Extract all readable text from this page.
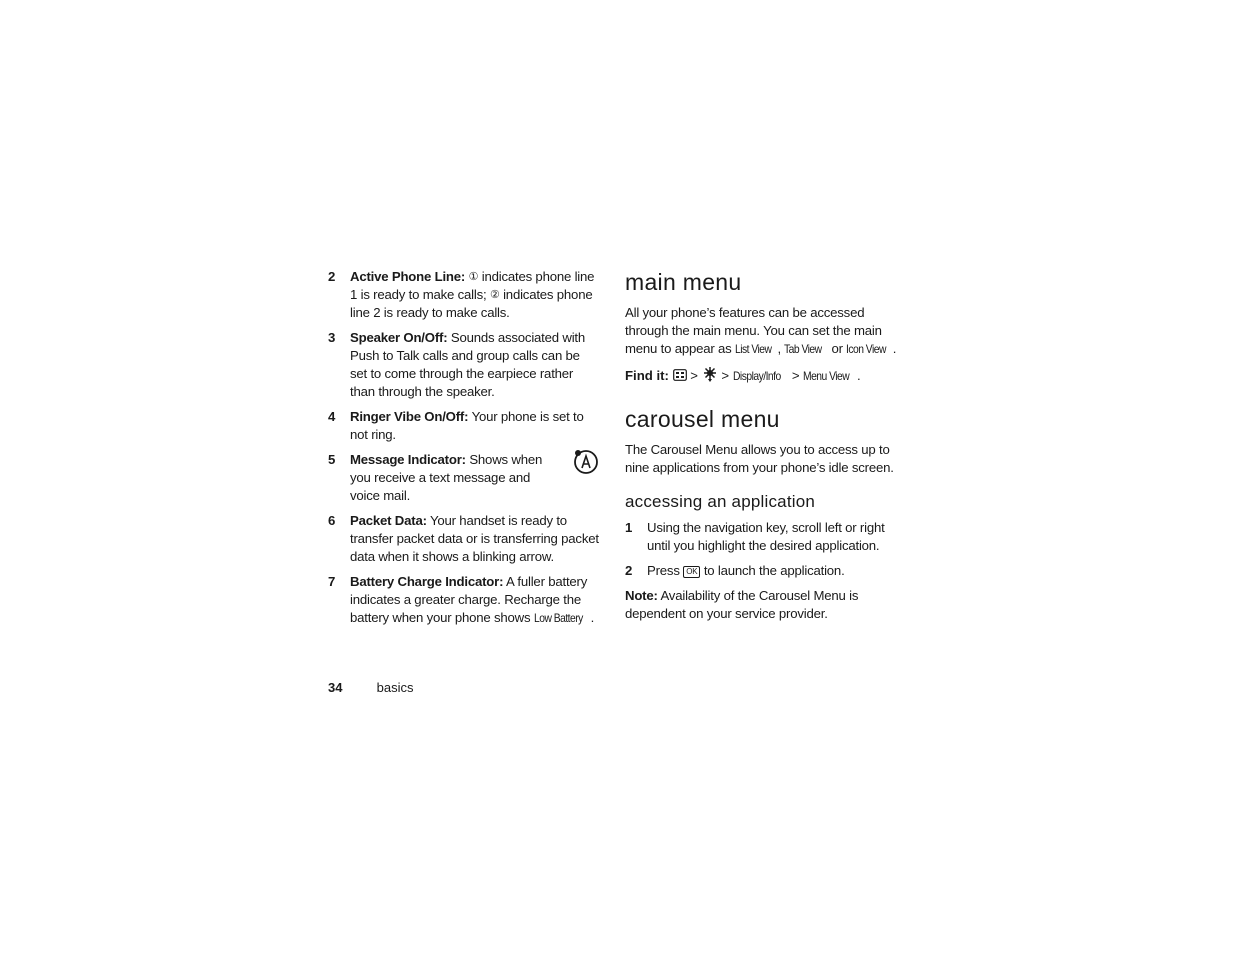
2	Active Phone Line: ① indicates phone line 1 is ready to make calls; ② indicates phone line 2 is ready to make calls.
3	Speaker On/Off: Sounds associated with Push to Talk calls and group calls can be set to come through the earpiece rather than through the speaker.
4	Ringer Vibe On/Off: Your phone is set to not ring.
5	Message Indicator: Shows when you receive a text message and voice mail.
6	Packet Data: Your handset is ready to transfer packet data or is transferring packet data when it shows a blinking arrow.
7	Battery Charge Indicator: A fuller battery indicates a greater charge. Recharge the battery when your phone shows Low Battery .
main menu

All your phone’s features can be accessed through the main menu. You can set the main menu to appear as List View , Tab View or Icon View .

Find it: > > Display/Info > Menu View .
carousel menu

The Carousel Menu allows you to access up to nine applications from your phone’s idle screen.

accessing an application
1	Using the navigation key, scroll left or right until you highlight the desired application.
2	Press OK to launch the application.

Note: Availability of the Carousel Menu is dependent on your service provider.

34	basics
